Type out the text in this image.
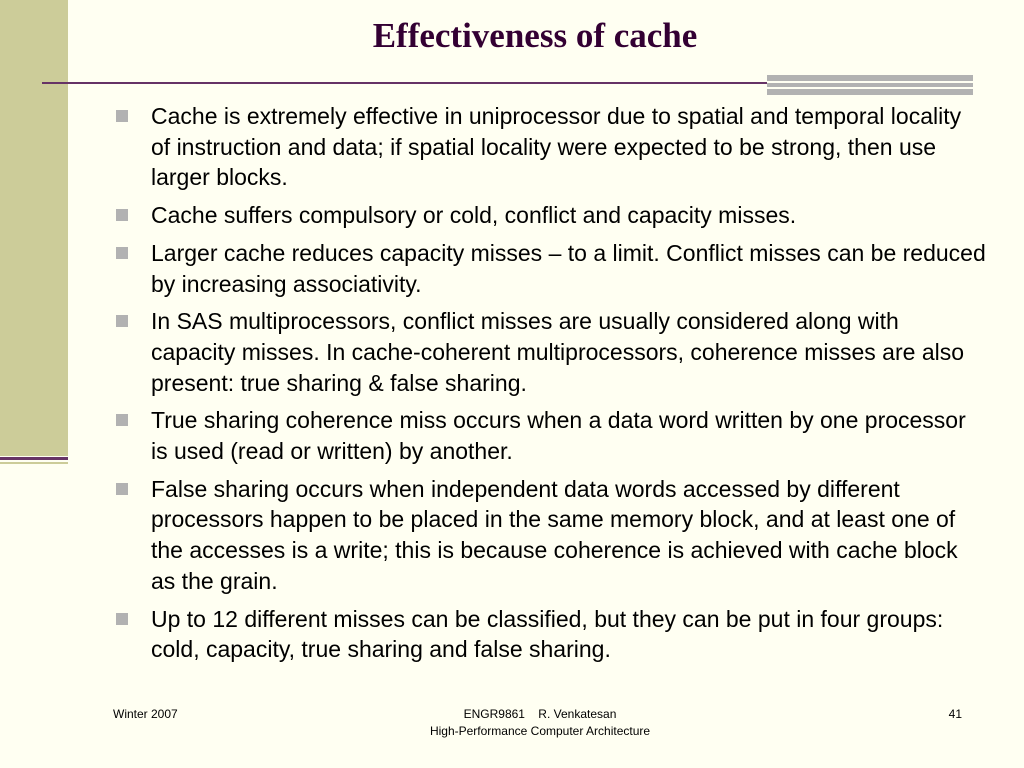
Effectiveness of cache
Cache is extremely effective in uniprocessor due to spatial and temporal locality of instruction and data; if spatial locality were expected to be strong, then use larger blocks.
Cache suffers compulsory or cold, conflict and capacity misses.
Larger cache reduces capacity misses – to a limit. Conflict misses can be reduced by increasing associativity.
In SAS multiprocessors, conflict misses are usually considered along with capacity misses. In cache-coherent multiprocessors, coherence misses are also present: true sharing & false sharing.
True sharing coherence miss occurs when a data word written by one processor is used (read or written) by another.
False sharing occurs when independent data words accessed by different processors happen to be placed in the same memory block, and at least one of the accesses is a write; this is because coherence is achieved with cache block as the grain.
Up to 12 different misses can be classified, but they can be put in four groups: cold, capacity, true sharing and false sharing.
Winter 2007	ENGR9861    R. Venkatesan
High-Performance Computer Architecture
41
